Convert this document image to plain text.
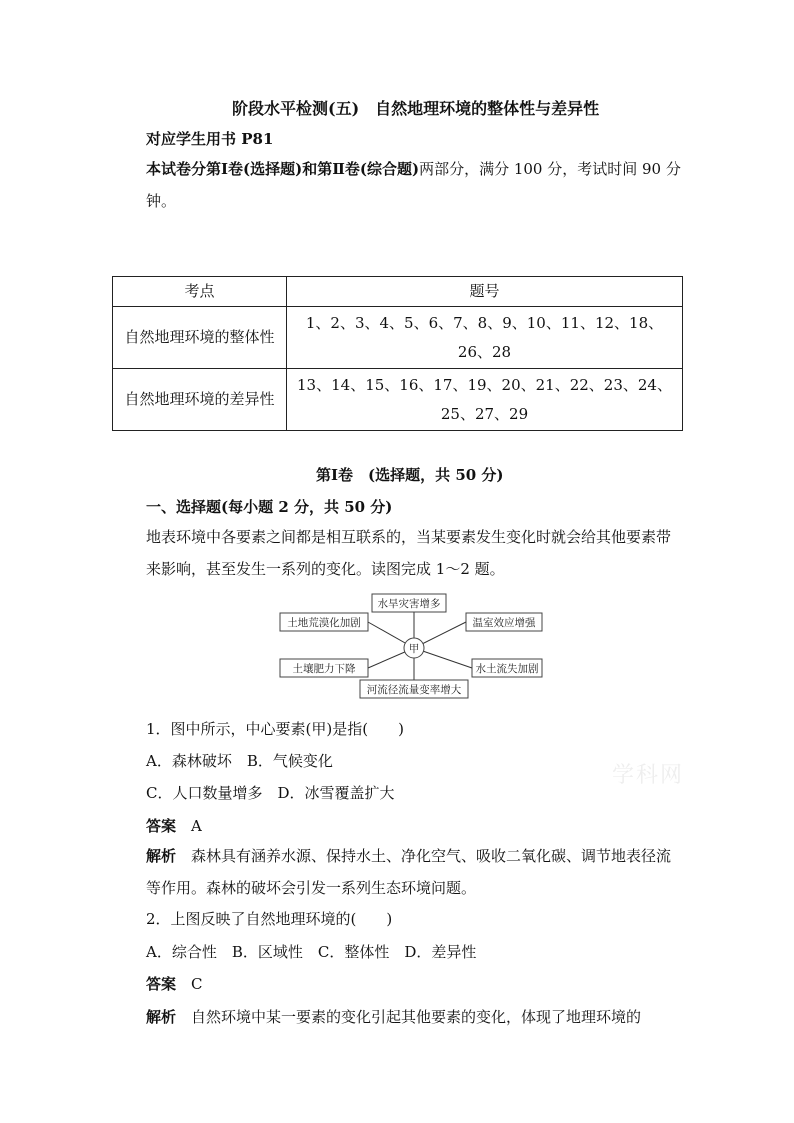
阶段水平检测(五)　自然地理环境的整体性与差异性
对应学生用书 P81
本试卷分第Ⅰ卷(选择题)和第Ⅱ卷(综合题)两部分，满分 100 分，考试时间 90 分钟。
考点	题号
自然地理环境的整体性	1、2、3、4、5、6、7、8、9、10、11、12、18、26、28
自然地理环境的差异性	13、14、15、16、17、19、20、21、22、23、24、25、27、29
第Ⅰ卷　(选择题，共 50 分)
一、选择题(每小题 2 分，共 50 分)
地表环境中各要素之间都是相互联系的，当某要素发生变化时就会给其他要素带来影响，甚至发生一系列的变化。读图完成 1～2 题。
水旱灾害增多
土地荒漠化加剧	温室效应增强
土壤肥力下降	水土流失加剧
河流径流量变率增大
甲
1．图中所示，中心要素(甲)是指(　　)
A．森林破坏　B．气候变化
C．人口数量增多　D．冰雪覆盖扩大
答案　 A
解析　 森林具有涵养水源、保持水土、净化空气、吸收二氧化碳、调节地表径流等作用。森林的破坏会引发一系列生态环境问题。
2．上图反映了自然地理环境的(　　)
A．综合性　B．区域性　C．整体性　D．差异性
答案　 C
解析　 自然环境中某一要素的变化引起其他要素的变化，体现了地理环境的
学科网
